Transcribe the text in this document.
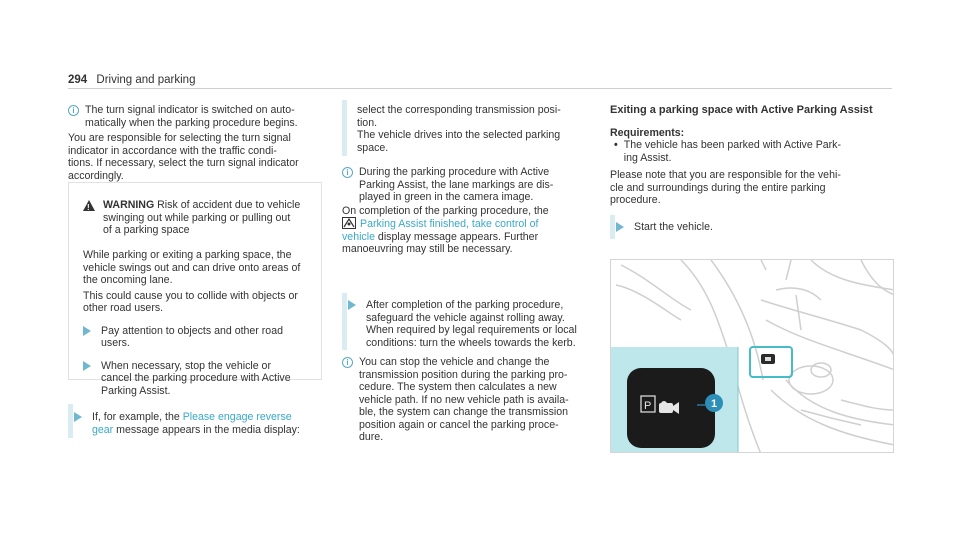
294 Driving and parking
i The turn signal indicator is switched on auto-

matically when the parking procedure begins.

You are responsible for selecting the turn signal

indicator in accordance with the traffic condi-

tions. If necessary, select the turn signal indicator

accordingly.

! WARNING Risk of accident due to vehicle

swinging out while parking or pulling out

of a parking space

While parking or exiting a parking space, the

vehicle swings out and can drive onto areas of

the oncoming lane.

This could cause you to collide with objects or

other road users.

Pay attention to objects and other road

users.

When necessary, stop the vehicle or

cancel the parking procedure with Active

Parking Assist.

If, for example, the Please engage reverse

gear message appears in the media display:

select the corresponding transmission posi-

tion.

The vehicle drives into the selected parking

space.

i During the parking procedure with Active

Parking Assist, the lane markings are dis-

played in green in the camera image.

On completion of the parking procedure, the

Parking Assist finished, take control of

vehicle display message appears. Further

manoeuvring may still be necessary.

After completion of the parking procedure,

safeguard the vehicle against rolling away.

When required by legal requirements or local

conditions: turn the wheels towards the kerb.

i You can stop the vehicle and change the

transmission position during the parking pro-

cedure. The system then calculates a new

vehicle path. If no new vehicle path is availa-

ble, the system can change the transmission

position again or cancel the parking proce-

dure.

Exiting a parking space with Active Parking Assist

Requirements:

• The vehicle has been parked with Active Park-

ing Assist.

Please note that you are responsible for the vehi-

cle and surroundings during the entire parking

procedure.

Start the vehicle.

P	1
